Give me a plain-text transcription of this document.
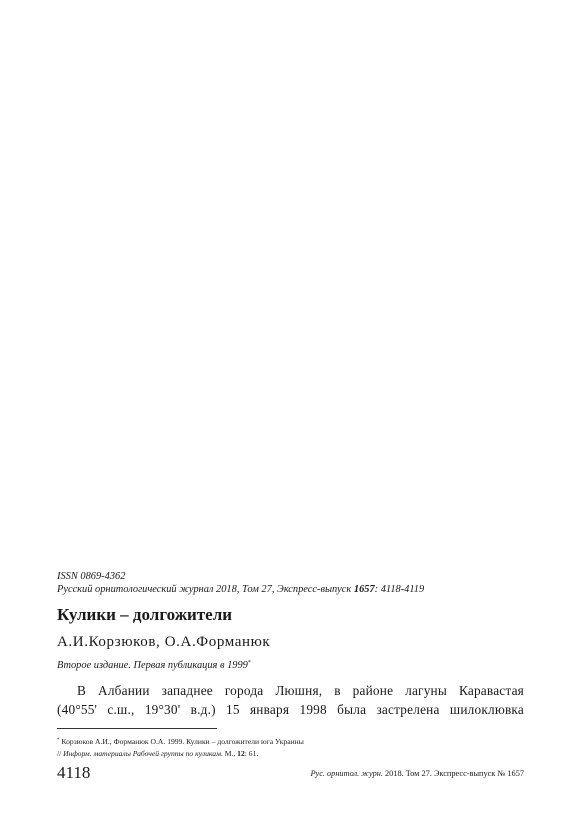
ISSN 0869-4362
Русский орнитологический журнал 2018, Том 27, Экспресс-выпуск 1657: 4118-4119
Кулики – долгожители
А.И.Корзюков, О.А.Форманюк
Второе издание. Первая публикация в 1999*
В Албании западнее города Люшня, в районе лагуны Каравастая
(40°55' с.ш., 19°30' в.д.) 15 января 1998 была застрелена шилоклювка
* Корзюков А.И., Форманюк О.А. 1999. Кулики – долгожители юга Украины
// Информ. материалы Рабочей группы по куликам. М., 12: 61.
4118	Рус. орнитол. журн. 2018. Том 27. Экспресс-выпуск № 1657
